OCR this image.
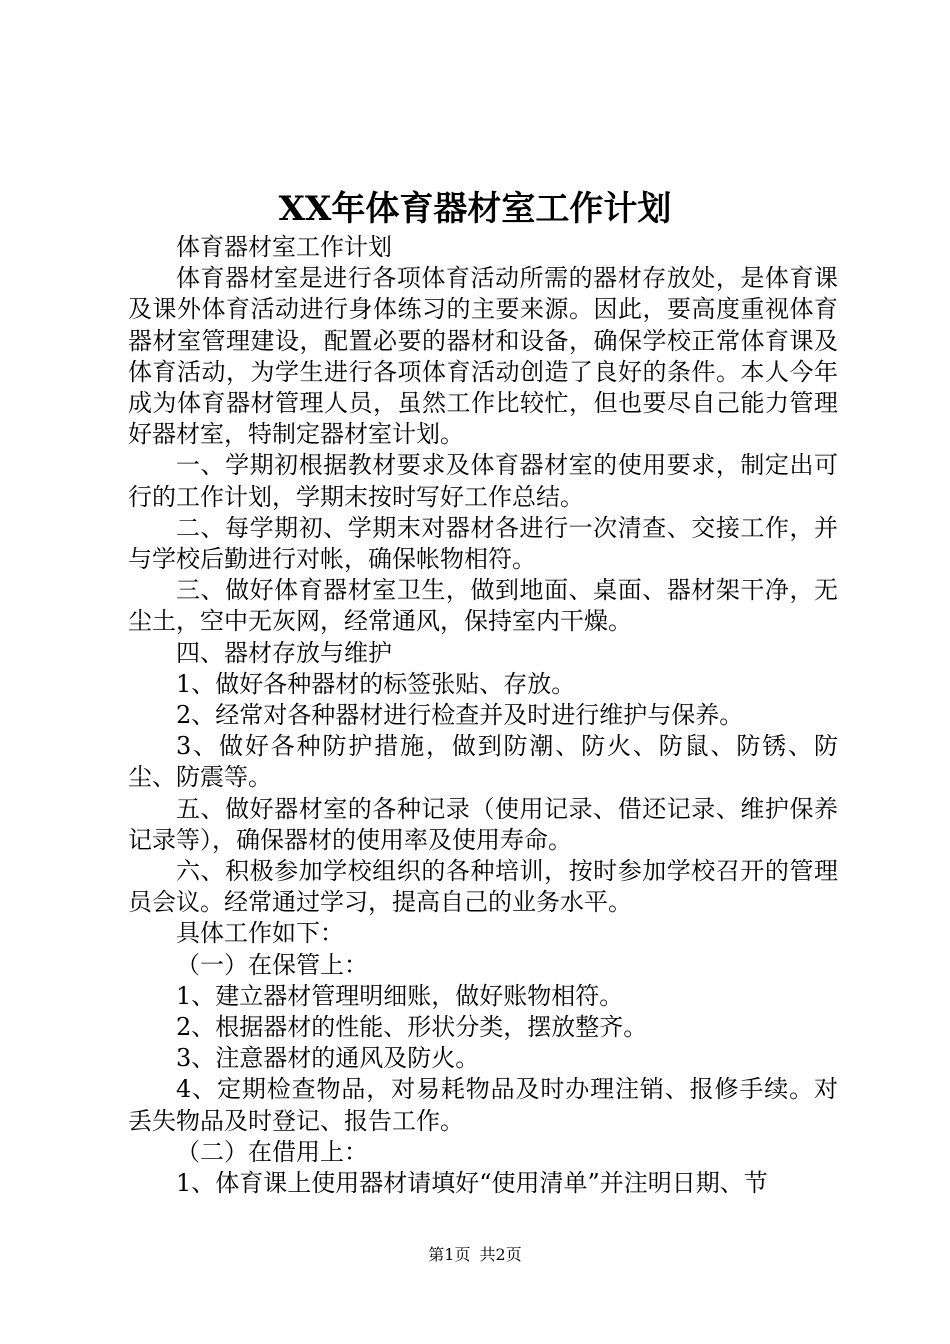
XX年体育器材室工作计划

体育器材室工作计划

体育器材室是进行各项体育活动所需的器材存放处，是体育课及课外体育活动进行身体练习的主要来源。因此，要高度重视体育器材室管理建设，配置必要的器材和设备，确保学校正常体育课及体育活动，为学生进行各项体育活动创造了良好的条件。本人今年成为体育器材管理人员，虽然工作比较忙，但也要尽自己能力管理好器材室，特制定器材室计划。

一、学期初根据教材要求及体育器材室的使用要求，制定出可行的工作计划，学期末按时写好工作总结。

二、每学期初、学期末对器材各进行一次清查、交接工作，并与学校后勤进行对帐，确保帐物相符。

三、做好体育器材室卫生，做到地面、桌面、器材架干净，无尘土，空中无灰网，经常通风，保持室内干燥。

四、器材存放与维护

1、做好各种器材的标签张贴、存放。

2、经常对各种器材进行检查并及时进行维护与保养。

3、做好各种防护措施，做到防潮、防火、防鼠、防锈、防尘、防震等。

五、做好器材室的各种记录（使用记录、借还记录、维护保养记录等），确保器材的使用率及使用寿命。

六、积极参加学校组织的各种培训，按时参加学校召开的管理员会议。经常通过学习，提高自己的业务水平。

具体工作如下：

（一）在保管上：

1、建立器材管理明细账，做好账物相符。

2、根据器材的性能、形状分类，摆放整齐。

3、注意器材的通风及防火。

4、定期检查物品，对易耗物品及时办理注销、报修手续。对丢失物品及时登记、报告工作。

（二）在借用上：

1、体育课上使用器材请填好“使用清单”并注明日期、节

第1页 共2页
